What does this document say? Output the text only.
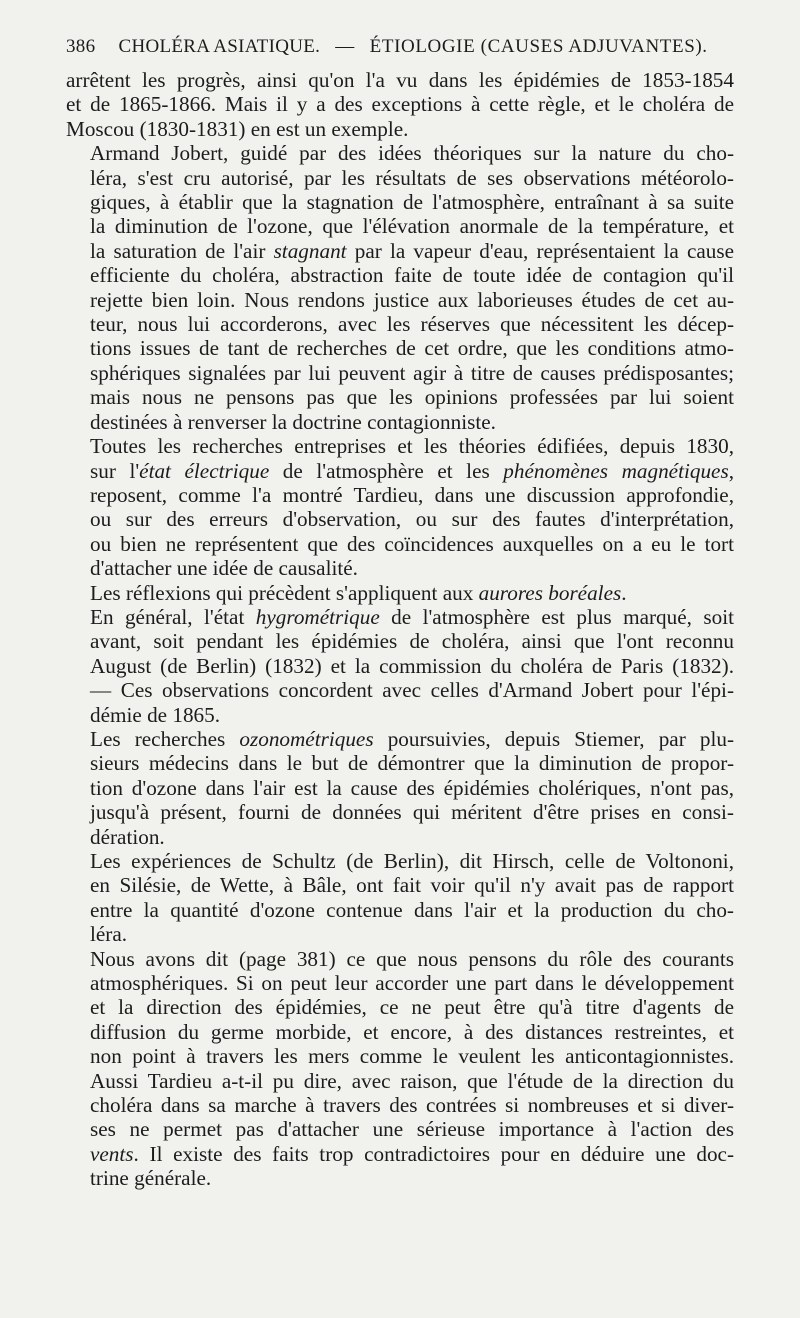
386 CHOLÉRA ASIATIQUE. — ÉTIOLOGIE (CAUSES ADJUVANTES).
arrêtent les progrès, ainsi qu'on l'a vu dans les épidémies de 1853-1854
et de 1865-1866. Mais il y a des exceptions à cette règle, et le choléra de
Moscou (1830-1831) en est un exemple.
Armand Jobert, guidé par des idées théoriques sur la nature du cho-
léra, s'est cru autorisé, par les résultats de ses observations météorolo-
giques, à établir que la stagnation de l'atmosphère, entraînant à sa suite
la diminution de l'ozone, que l'élévation anormale de la température, et
la saturation de l'air stagnant par la vapeur d'eau, représentaient la cause
efficiente du choléra, abstraction faite de toute idée de contagion qu'il
rejette bien loin. Nous rendons justice aux laborieuses études de cet au-
teur, nous lui accorderons, avec les réserves que nécessitent les décep-
tions issues de tant de recherches de cet ordre, que les conditions atmo-
sphériques signalées par lui peuvent agir à titre de causes prédisposantes;
mais nous ne pensons pas que les opinions professées par lui soient
destinées à renverser la doctrine contagionniste.
Toutes les recherches entreprises et les théories édifiées, depuis 1830,
sur l'état électrique de l'atmosphère et les phénomènes magnétiques,
reposent, comme l'a montré Tardieu, dans une discussion approfondie,
ou sur des erreurs d'observation, ou sur des fautes d'interprétation,
ou bien ne représentent que des coïncidences auxquelles on a eu le tort
d'attacher une idée de causalité.
Les réflexions qui précèdent s'appliquent aux aurores boréales.
En général, l'état hygrométrique de l'atmosphère est plus marqué, soit
avant, soit pendant les épidémies de choléra, ainsi que l'ont reconnu
August (de Berlin) (1832) et la commission du choléra de Paris (1832).
— Ces observations concordent avec celles d'Armand Jobert pour l'épi-
démie de 1865.
Les recherches ozonométriques poursuivies, depuis Stiemer, par plu-
sieurs médecins dans le but de démontrer que la diminution de propor-
tion d'ozone dans l'air est la cause des épidémies cholériques, n'ont pas,
jusqu'à présent, fourni de données qui méritent d'être prises en consi-
dération.
Les expériences de Schultz (de Berlin), dit Hirsch, celle de Voltononi,
en Silésie, de Wette, à Bâle, ont fait voir qu'il n'y avait pas de rapport
entre la quantité d'ozone contenue dans l'air et la production du cho-
léra.
Nous avons dit (page 381) ce que nous pensons du rôle des courants
atmosphériques. Si on peut leur accorder une part dans le développement
et la direction des épidémies, ce ne peut être qu'à titre d'agents de
diffusion du germe morbide, et encore, à des distances restreintes, et
non point à travers les mers comme le veulent les anticontagionnistes.
Aussi Tardieu a-t-il pu dire, avec raison, que l'étude de la direction du
choléra dans sa marche à travers des contrées si nombreuses et si diver-
ses ne permet pas d'attacher une sérieuse importance à l'action des
vents. Il existe des faits trop contradictoires pour en déduire une doc-
trine générale.
